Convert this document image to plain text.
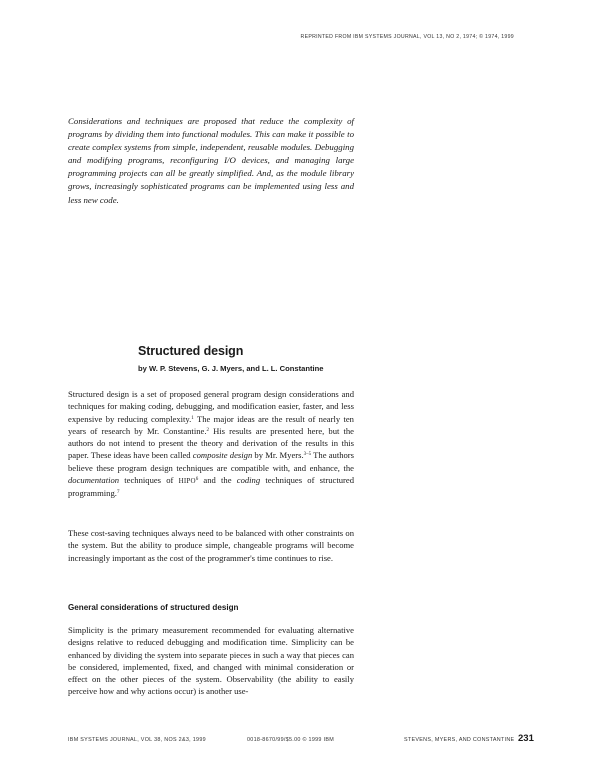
REPRINTED FROM IBM SYSTEMS JOURNAL, VOL 13, NO 2, 1974; © 1974, 1999
Considerations and techniques are proposed that reduce the complexity of programs by dividing them into functional modules. This can make it possible to create complex systems from simple, independent, reusable modules. Debugging and modifying programs, reconfiguring I/O devices, and managing large programming projects can all be greatly simplified. And, as the module library grows, increasingly sophisticated programs can be implemented using less and less new code.
Structured design
by W. P. Stevens, G. J. Myers, and L. L. Constantine
Structured design is a set of proposed general program design considerations and techniques for making coding, debugging, and modification easier, faster, and less expensive by reducing complexity.$^1$ The major ideas are the result of nearly ten years of research by Mr. Constantine.$^2$ His results are presented here, but the authors do not intend to present the theory and derivation of the results in this paper. These ideas have been called composite design by Mr. Myers.$^{3-5}$ The authors believe these program design techniques are compatible with, and enhance, the documentation techniques of HIPO$^6$ and the coding techniques of structured programming.$^7$
These cost-saving techniques always need to be balanced with other constraints on the system. But the ability to produce simple, changeable programs will become increasingly important as the cost of the programmer's time continues to rise.
General considerations of structured design
Simplicity is the primary measurement recommended for evaluating alternative designs relative to reduced debugging and modification time. Simplicity can be enhanced by dividing the system into separate pieces in such a way that pieces can be considered, implemented, fixed, and changed with minimal consideration or effect on the other pieces of the system. Observability (the ability to easily perceive how and why actions occur) is another use-
IBM SYSTEMS JOURNAL, VOL 38, NOS 2&3, 1999	0018-8670/99/$5.00 © 1999 IBM	STEVENS, MYERS, AND CONSTANTINE 231
